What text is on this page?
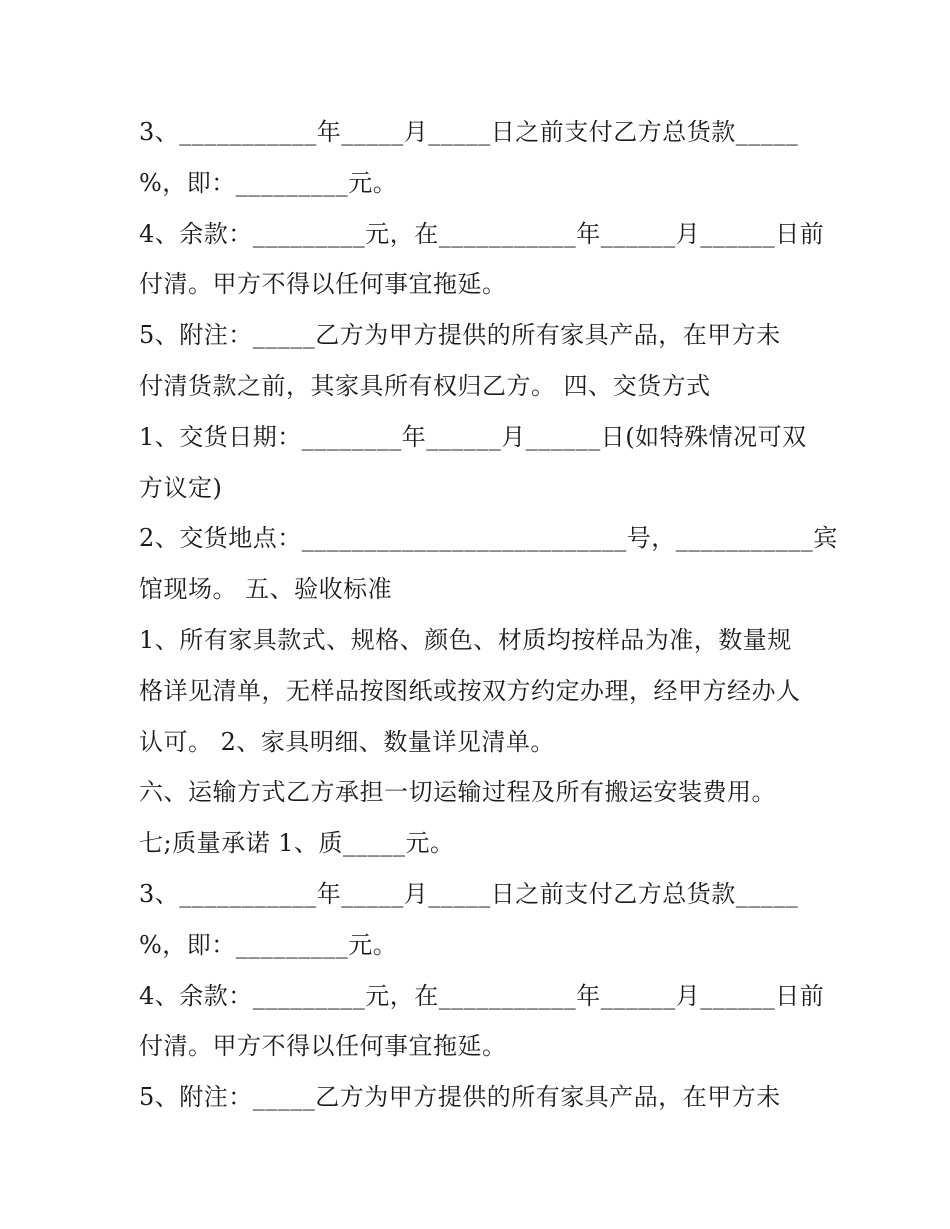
3、___________年_____月_____日之前支付乙方总货款_____
%，即：_________元。
4、余款：_________元，在___________年______月______日前
付清。甲方不得以任何事宜拖延。
5、附注：_____乙方为甲方提供的所有家具产品，在甲方未
付清货款之前，其家具所有权归乙方。 四、交货方式
1、交货日期：________年______月______日(如特殊情况可双
方议定)
2、交货地点：__________________________号，___________宾
馆现场。 五、验收标准
1、所有家具款式、规格、颜色、材质均按样品为准，数量规
格详见清单，无样品按图纸或按双方约定办理，经甲方经办人
认可。 2、家具明细、数量详见清单。
六、运输方式乙方承担一切运输过程及所有搬运安装费用。
七;质量承诺 1、质_____元。
3、___________年_____月_____日之前支付乙方总货款_____
%，即：_________元。
4、余款：_________元，在___________年______月______日前
付清。甲方不得以任何事宜拖延。
5、附注：_____乙方为甲方提供的所有家具产品，在甲方未
